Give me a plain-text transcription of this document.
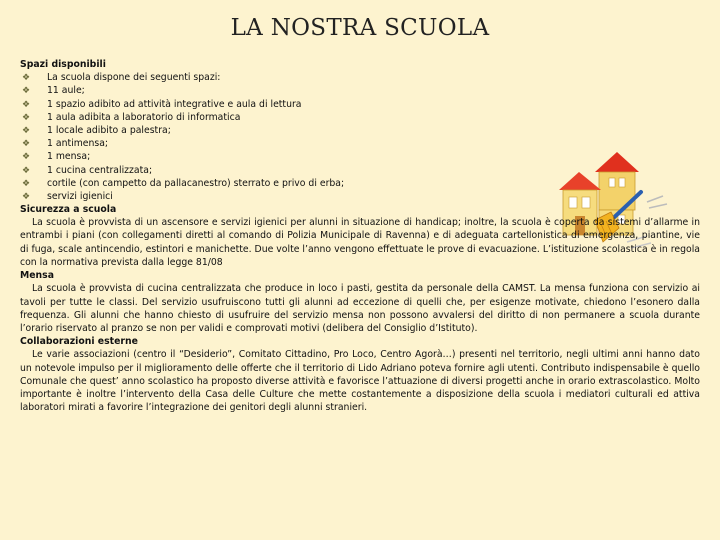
LA NOSTRA SCUOLA
Spazi disponibili
❖ La scuola dispone dei seguenti spazi:
❖ 11 aule;
❖ 1 spazio adibito ad attività integrative e aula di lettura
❖ 1 aula adibita a laboratorio di informatica
❖ 1 locale adibito a palestra;
❖ 1 antimensa;
❖ 1 mensa;
❖ 1 cucina centralizzata;
❖ cortile (con campetto da pallacanestro) sterrato e privo di erba;
❖ servizi igienici
Sicurezza a scuola

La scuola è provvista di un ascensore e servizi igienici per alunni in situazione di handicap; inoltre, la scuola è coperta da sistemi d’allarme in entrambi i piani (con collegamenti diretti al comando di Polizia Municipale di Ravenna) e di adeguata cartellonistica di emergenza, piantine, vie di fuga, scale antincendio, estintori e manichette. Due volte l’anno vengono effettuate le prove di evacuazione. L’istituzione scolastica è in regola con la normativa prevista dalla legge 81/08

Mensa

La scuola è provvista di cucina centralizzata che produce in loco i pasti, gestita da personale della CAMST. La mensa funziona con servizio ai tavoli per tutte le classi. Del servizio usufruiscono tutti gli alunni ad eccezione di quelli che, per esigenze motivate, chiedono l’esonero dalla frequenza. Gli alunni che hanno chiesto di usufruire del servizio mensa non possono avvalersi del diritto di non permanere a scuola durante l’orario riservato al pranzo se non per validi e comprovati motivi (delibera del Consiglio d’Istituto).

Collaborazioni esterne

Le varie associazioni (centro il “Desiderio”, Comitato Cittadino, Pro Loco, Centro Agorà…) presenti nel territorio, negli ultimi anni hanno dato un notevole impulso per il miglioramento delle offerte che il territorio di Lido Adriano poteva fornire agli utenti. Contributo indispensabile è quello Comunale che quest’ anno scolastico ha proposto diverse attività e favorisce l’attuazione di diversi progetti anche in orario extrascolastico. Molto importante è inoltre l’intervento della Casa delle Culture che mette costantemente a disposizione della scuola i mediatori culturali ed attiva laboratori mirati a favorire l’integrazione dei genitori degli alunni stranieri.
